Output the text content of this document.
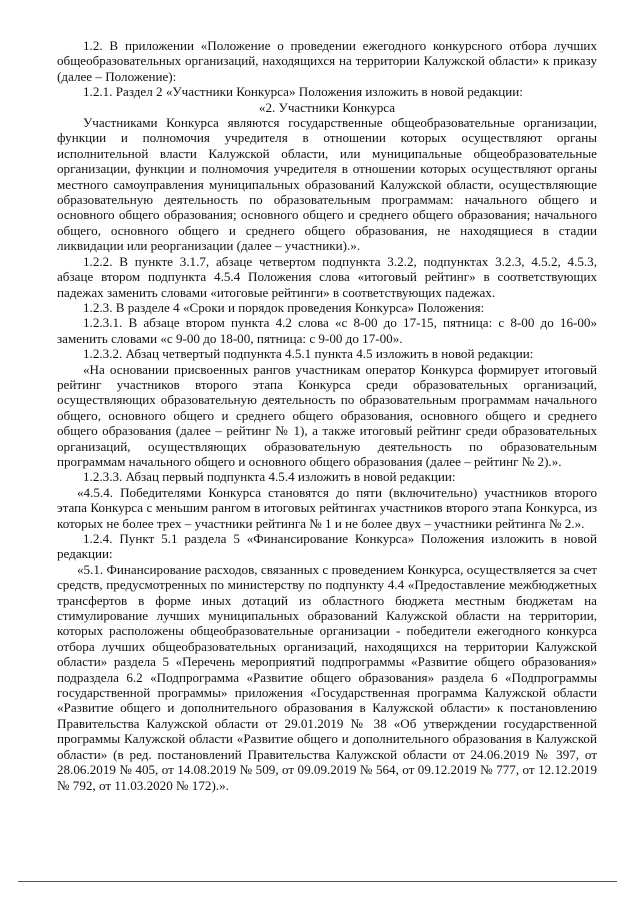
1.2. В приложении «Положение о проведении ежегодного конкурсного отбора лучших общеобразовательных организаций, находящихся на территории Калужской области» к приказу (далее – Положение):

1.2.1. Раздел 2 «Участники Конкурса» Положения изложить в новой редакции:

«2. Участники Конкурса

Участниками Конкурса являются государственные общеобразовательные организации, функции и полномочия учредителя в отношении которых осуществляют органы исполнительной власти Калужской области, или муниципальные общеобразовательные организации, функции и полномочия учредителя в отношении которых осуществляют органы местного самоуправления муниципальных образований Калужской области, осуществляющие образовательную деятельность по образовательным программам: начального общего и основного общего образования; основного общего и среднего общего образования; начального общего, основного общего и среднего общего образования, не находящиеся в стадии ликвидации или реорганизации (далее – участники).».

1.2.2. В пункте 3.1.7, абзаце четвертом подпункта 3.2.2, подпунктах 3.2.3, 4.5.2, 4.5.3, абзаце втором подпункта 4.5.4 Положения слова «итоговый рейтинг» в соответствующих падежах заменить словами «итоговые рейтинги» в соответствующих падежах.

1.2.3. В разделе 4 «Сроки и порядок проведения Конкурса» Положения:

1.2.3.1. В абзаце втором пункта 4.2 слова «с 8-00 до 17-15, пятница: с 8-00 до 16-00» заменить словами «с 9-00 до 18-00, пятница: с 9-00 до 17-00».

1.2.3.2. Абзац четвертый подпункта 4.5.1 пункта 4.5 изложить в новой редакции:

«На основании присвоенных рангов участникам оператор Конкурса формирует итоговый рейтинг участников второго этапа Конкурса среди образовательных организаций, осуществляющих образовательную деятельность по образовательным программам начального общего, основного общего и среднего общего образования, основного общего и среднего общего образования (далее – рейтинг № 1), а также итоговый рейтинг среди образовательных организаций, осуществляющих образовательную деятельность по образовательным программам начального общего и основного общего образования (далее – рейтинг № 2).».

1.2.3.3. Абзац первый подпункта 4.5.4 изложить в новой редакции:

«4.5.4. Победителями Конкурса становятся до пяти (включительно) участников второго этапа Конкурса с меньшим рангом в итоговых рейтингах участников второго этапа Конкурса, из которых не более трех – участники рейтинга № 1 и не более двух – участники рейтинга № 2.».

1.2.4. Пункт 5.1 раздела 5 «Финансирование Конкурса» Положения изложить в новой редакции:

«5.1. Финансирование расходов, связанных с проведением Конкурса, осуществляется за счет средств, предусмотренных по министерству по подпункту 4.4 «Предоставление межбюджетных трансфертов в форме иных дотаций из областного бюджета местным бюджетам на стимулирование лучших муниципальных образований Калужской области на территории, которых расположены общеобразовательные организации - победители ежегодного конкурса отбора лучших общеобразовательных организаций, находящихся на территории Калужской области» раздела 5 «Перечень мероприятий подпрограммы «Развитие общего образования» подраздела 6.2 «Подпрограмма «Развитие общего образования» раздела 6 «Подпрограммы государственной программы» приложения «Государственная программа Калужской области «Развитие общего и дополнительного образования в Калужской области» к постановлению Правительства Калужской области от 29.01.2019 № 38 «Об утверждении государственной программы Калужской области «Развитие общего и дополнительного образования в Калужской области» (в ред. постановлений Правительства Калужской области от 24.06.2019 № 397, от 28.06.2019 № 405, от 14.08.2019 № 509, от 09.09.2019 № 564, от 09.12.2019 № 777, от 12.12.2019 № 792, от 11.03.2020 № 172).».
